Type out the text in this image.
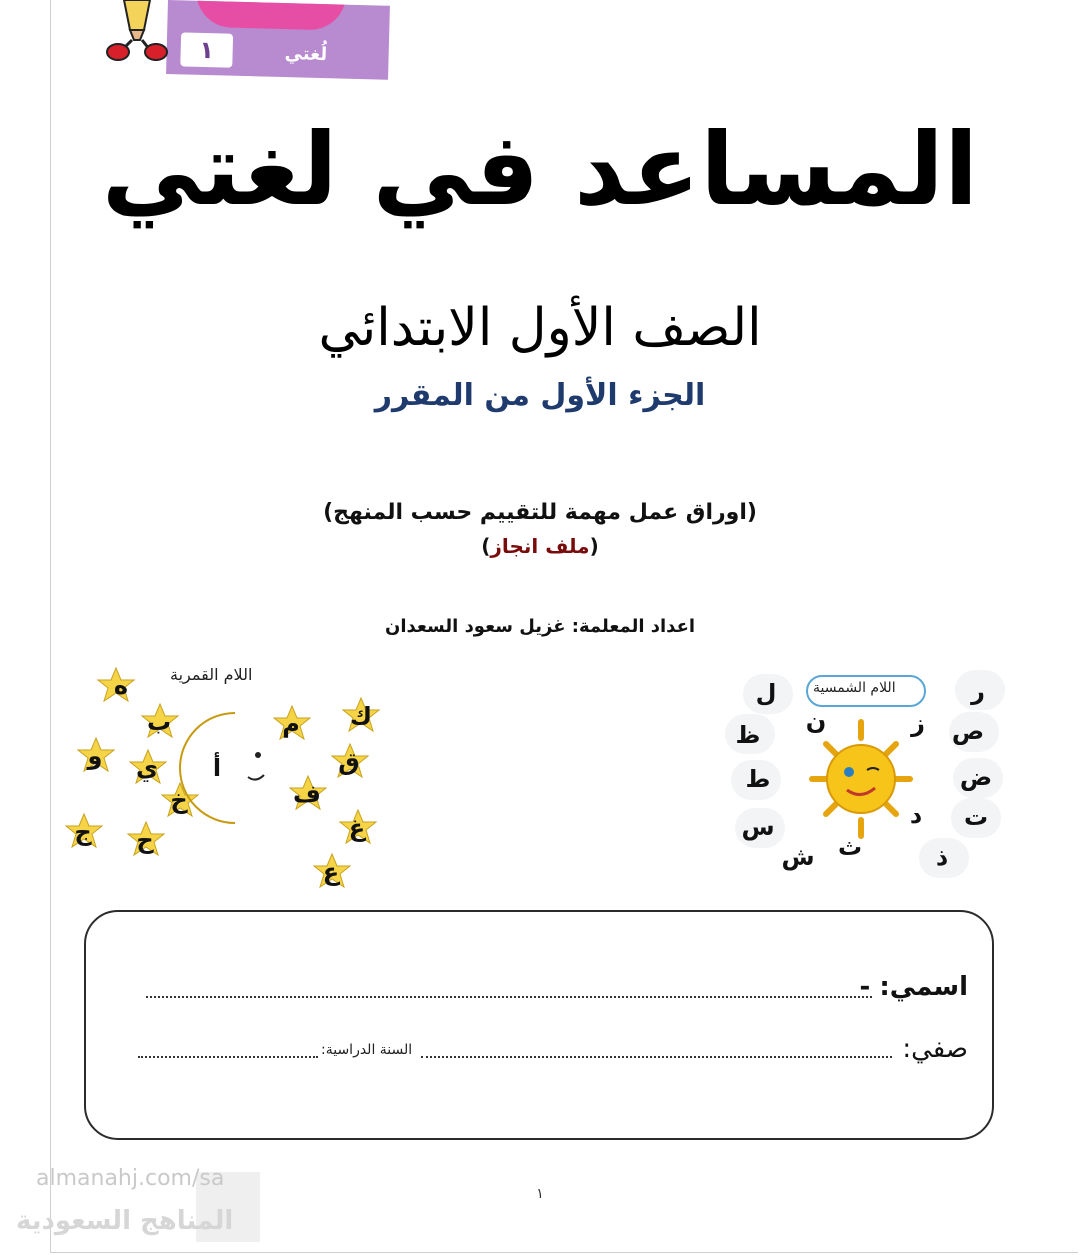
١	لُغتي
المساعد في لغتي
الصف الأول الابتدائي
الجزء الأول من المقرر
(اوراق عمل مهمة للتقييم حسب المنهج)
(ملف انجاز)
اعداد المعلمة: غزيل سعود السعدان
اللام القمرية
ه
ب	م	ك
و	ي	أ	ق
خ	ف
ج	ح	غ
ع
اللام الشمسية	ر
ل
ص
ز
ن
ظ
ض
ط
ت
د
س
ث
ش	ذ
اسمي: -
صفي:
السنة الدراسية:
١
almanahj.com/sa
المناهج السعودية
